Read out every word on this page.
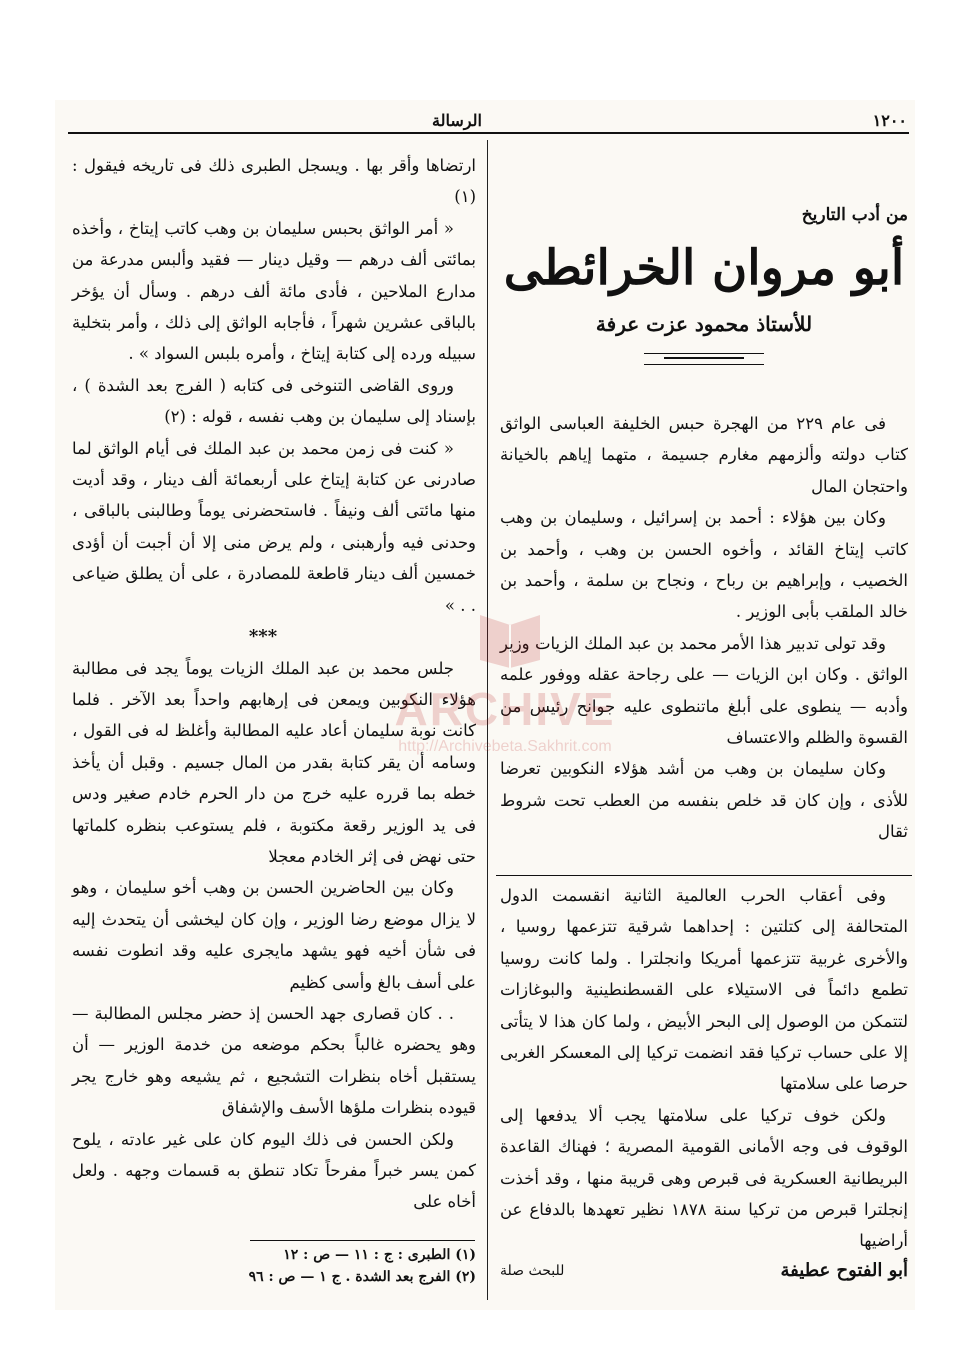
١٢٠٠
الرسالة
من أدب التاريخ
أبو مروان الخرائطى
للأستاذ محمود عزت عرفة

فى عام ٢٢٩ من الهجرة حبس الخليفة العباسى الواثق كتاب دولته وألزمهم مغارم جسيمة ، متهما إياهم بالخيانة واحتجان المال

وكان بين هؤلاء : أحمد بن إسرائيل ، وسليمان بن وهب كاتب إيتاخ القائد ، وأخوه الحسن بن وهب ، وأحمد بن الخصيب ، وإبراهيم بن رباح ، ونجاح بن سلمة ، وأحمد بن خالد الملقب بأبى الوزير .

وقد تولى تدبير هذا الأمر محمد بن عبد الملك الزيات وزير الواثق . وكان ابن الزيات — على رجاحة عقله ووفور علمه وأدبه — ينطوى على أبلغ ماتنطوى عليه جوانح رئيس من القسوة والظلم والاعتساف

وكان سليمان بن وهب من أشد هؤلاء النكوبين تعرضا للأذى ، وإن كان قد خلص بنفسه من العطب تحت شروط ثقال

وفى أعقاب الحرب العالمية الثانية انقسمت الدول المتحالفة إلى كتلتين : إحداهما شرقية تتزعمها روسيا ، والأخرى غربية تتزعمها أمريكا وانجلترا . ولما كانت روسيا تطمع دائماً فى الاستيلاء على القسطنطينية والبوغازات لتتمكن من الوصول إلى البحر الأبيض ، ولما كان هذا لا يتأتى إلا على حساب تركيا فقد انضمت تركيا إلى المعسكر الغربى حرصا على سلامتها

ولكن خوف تركيا على سلامتها يجب ألا يدفعها إلى الوقوف فى وجه الأمانى القومية المصرية ؛ فهناك القاعدة البريطانية العسكرية فى قبرص وهى قريبة منها ، وقد أخذت إنجلترا قبرص من تركيا سنة ١٨٧٨ نظير تعهدها بالدفاع عن أراضيها

أبو الفتوح عطيفة
للبحث صلة

ارتضاها وأقر بها . ويسجل الطبرى ذلك فى تاريخه فيقول : (١)

« أمر الواثق بحبس سليمان بن وهب كاتب إيتاخ ، وأخذه بمائتى ألف درهم — وقيل دينار — فقيد وألبس مدرعة من مدارع الملاحين ، فأدى مائة ألف درهم . وسأل أن يؤخر بالباقى عشرين شهراً ، فأجابه الواثق إلى ذلك ، وأمر بتخلية سبيله ورده إلى كتابة إيتاخ ، وأمره بلبس السواد » .

وروى القاضى التنوخى فى كتابه ( الفرج بعد الشدة ) ، بإسناد إلى سليمان بن وهب نفسه ، قوله : (٢)

« كنت فى زمن محمد بن عبد الملك فى أيام الواثق لما صادرنى عن كتابة إيتاخ على أربعمائة ألف دينار ، وقد أديت منها مائتى ألف ونيفاً . فاستحضرنى يوماً وطالبنى بالباقى ، وحدنى فيه وأرهبنى ، ولم يرض منى إلا أن أجبت أن أؤدى خمسين ألف دينار قاطعة للمصادرة ، على أن يطلق ضياعى . . »

***

جلس محمد بن عبد الملك الزيات يوماً يجد فى مطالبة هؤلاء النكوبين ويمعن فى إرهابهم واحداً بعد الآخر . فلما كانت نوبة سليمان أعاد عليه المطالبة وأغلظ له فى القول ، وسامه أن يقر كتابة بقدر من المال جسيم . وقبل أن يأخذ خطه بما قرره عليه خرج من دار الحرم خادم صغير ودس فى يد الوزير رقعة مكتوبة ، فلم يستوعب بنظره كلماتها حتى نهض فى إثر الخادم معجلا

وكان بين الحاضرين الحسن بن وهب أخو سليمان ، وهو لا يزال موضع رضا الوزير ، وإن كان ليخشى أن يتحدث إليه فى شأن أخيه فهو يشهد مايجرى عليه وقد انطوت نفسه على أسف بالغ وأسى كظيم

. . كان قصارى جهد الحسن إذ حضر مجلس المطالبة — وهو يحضره غالباً بحكم موضعه من خدمة الوزير — أن يستقبل أخاه بنظرات التشجيع ، ثم يشيعه وهو خارج يجر قيوده بنظرات ملؤها الأسف والإشفاق

ولكن الحسن فى ذلك اليوم كان على غير عادته ، يلوح كمن يسر خبراً مفرحاً تكاد تنطق به قسمات وجهه . ولعل أخاه على

(١) الطبرى : ج : ١١ — ص : ١٢
(٢) الفرج بعد الشدة . ج ١ — ص : ٩٦
